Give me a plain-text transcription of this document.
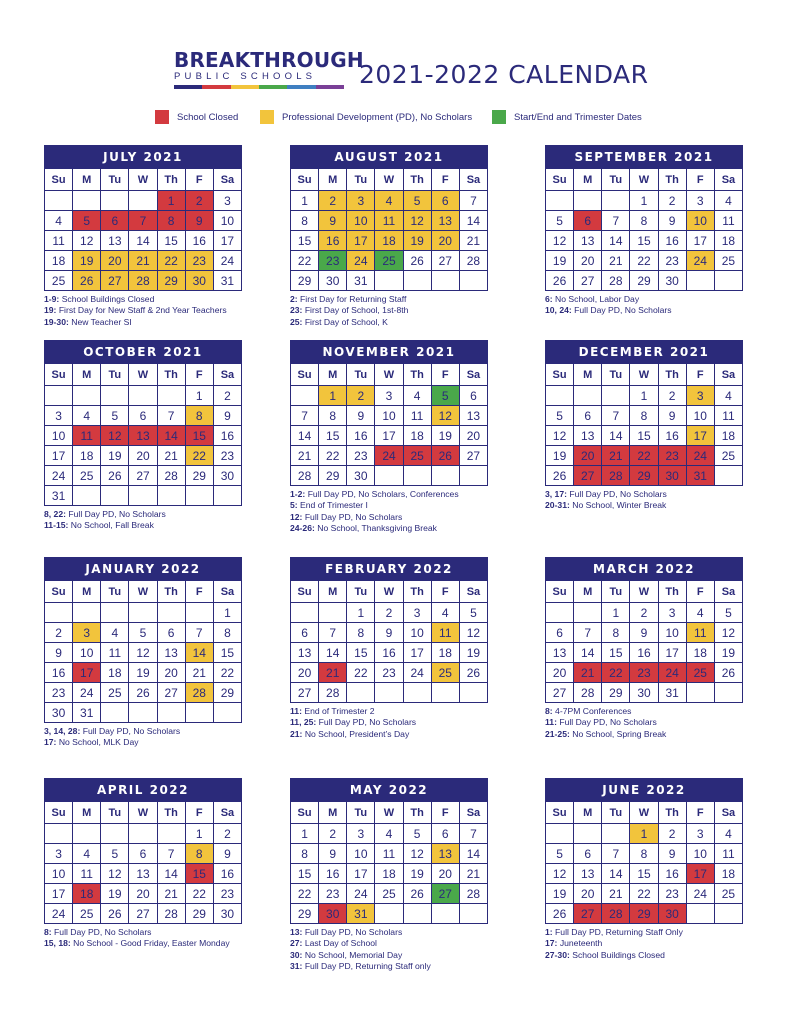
BREAKTHROUGH
PUBLIC SCHOOLS	2021-2022 CALENDAR
School Closed	Professional Development (PD), No Scholars	Start/End and Trimester Dates
JULY 2021						
Su	M	Tu	W	Th	F	Sa
				1	2	3
4	5	6	7	8	9	10
11	12	13	14	15	16	17
18	19	20	21	22	23	24
25	26	27	28	29	30	31
1-9: School Buildings Closed
19: First Day for New Staff & 2nd Year Teachers
19-30: New Teacher SI
AUGUST 2021						
Su	M	Tu	W	Th	F	Sa
1	2	3	4	5	6	7
8	9	10	11	12	13	14
15	16	17	18	19	20	21
22	23	24	25	26	27	28
29	30	31				
2: First Day for Returning Staff
23: First Day of School, 1st-8th
25: First Day of School, K
SEPTEMBER 2021						
Su	M	Tu	W	Th	F	Sa
			1	2	3	4
5	6	7	8	9	10	11
12	13	14	15	16	17	18
19	20	21	22	23	24	25
26	27	28	29	30		
6: No School, Labor Day
10, 24: Full Day PD, No Scholars
OCTOBER 2021						
Su	M	Tu	W	Th	F	Sa
					1	2
3	4	5	6	7	8	9
10	11	12	13	14	15	16
17	18	19	20	21	22	23
24	25	26	27	28	29	30
31						
8, 22: Full Day PD, No Scholars
11-15: No School, Fall Break
NOVEMBER 2021						
Su	M	Tu	W	Th	F	Sa
	1	2	3	4	5	6
7	8	9	10	11	12	13
14	15	16	17	18	19	20
21	22	23	24	25	26	27
28	29	30				
1-2: Full Day PD, No Scholars, Conferences
5: End of Trimester I
12: Full Day PD, No Scholars
24-26: No School, Thanksgiving Break
DECEMBER 2021						
Su	M	Tu	W	Th	F	Sa
			1	2	3	4
5	6	7	8	9	10	11
12	13	14	15	16	17	18
19	20	21	22	23	24	25
26	27	28	29	30	31	
3, 17: Full Day PD, No Scholars
20-31: No School, Winter Break
JANUARY 2022						
Su	M	Tu	W	Th	F	Sa
						1
2	3	4	5	6	7	8
9	10	11	12	13	14	15
16	17	18	19	20	21	22
23	24	25	26	27	28	29
30	31					
3, 14, 28: Full Day PD, No Scholars
17: No School, MLK Day
FEBRUARY 2022						
Su	M	Tu	W	Th	F	Sa
		1	2	3	4	5
6	7	8	9	10	11	12
13	14	15	16	17	18	19
20	21	22	23	24	25	26
27	28					
11: End of Trimester 2
11, 25: Full Day PD, No Scholars
21: No School, President’s Day
MARCH 2022						
Su	M	Tu	W	Th	F	Sa
		1	2	3	4	5
6	7	8	9	10	11	12
13	14	15	16	17	18	19
20	21	22	23	24	25	26
27	28	29	30	31		
8: 4-7PM Conferences
11: Full Day PD, No Scholars
21-25: No School, Spring Break
APRIL 2022						
Su	M	Tu	W	Th	F	Sa
					1	2
3	4	5	6	7	8	9
10	11	12	13	14	15	16
17	18	19	20	21	22	23
24	25	26	27	28	29	30
8: Full Day PD, No Scholars
15, 18: No School - Good Friday, Easter Monday
MAY 2022						
Su	M	Tu	W	Th	F	Sa
1	2	3	4	5	6	7
8	9	10	11	12	13	14
15	16	17	18	19	20	21
22	23	24	25	26	27	28
29	30	31				
13: Full Day PD, No Scholars
27: Last Day of School
30: No School, Memorial Day
31: Full Day PD, Returning Staff only
JUNE 2022						
Su	M	Tu	W	Th	F	Sa
			1	2	3	4
5	6	7	8	9	10	11
12	13	14	15	16	17	18
19	20	21	22	23	24	25
26	27	28	29	30		
1: Full Day PD, Returning Staff Only
17: Juneteenth
27-30: School Buildings Closed
